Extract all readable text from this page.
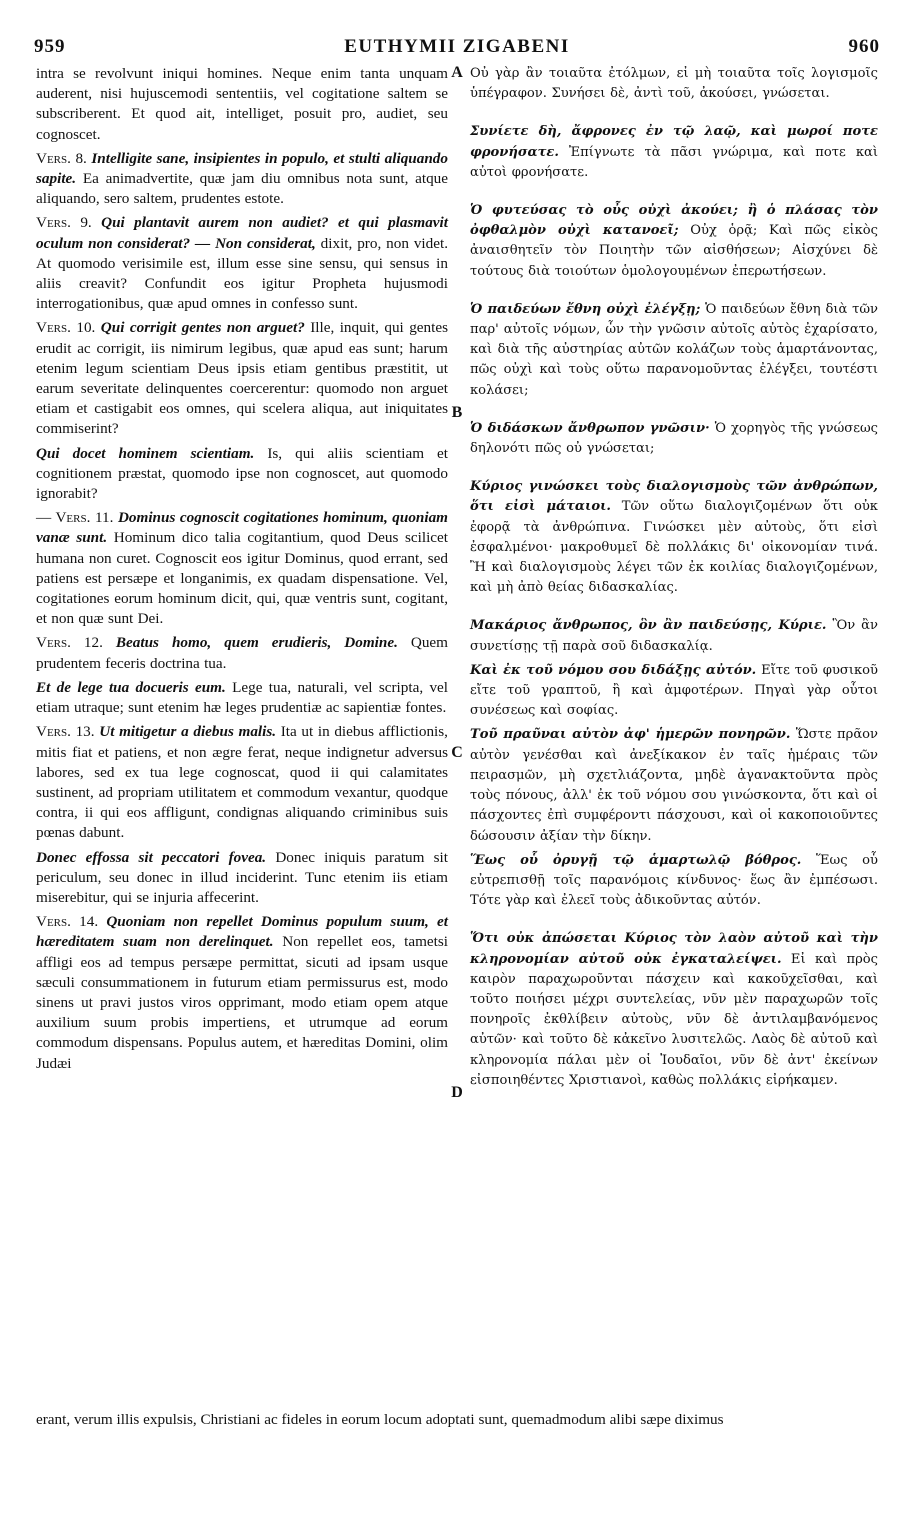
959	EUTHYMII ZIGABENI	960
A
B
C
D

intra se revolvunt iniqui homines. Neque enim tanta unquam auderent, nisi hujuscemodi sententiis, vel cogitatione saltem se subscriberent. Et quod ait, intelliget, posuit pro, audiet, seu cognoscet.

Vers. 8. Intelligite sane, insipientes in populo, et stulti aliquando sapite. Ea animadvertite, quæ jam diu omnibus nota sunt, atque aliquando, sero saltem, prudentes estote.

Vers. 9. Qui plantavit aurem non audiet? et qui plasmavit oculum non considerat? — Non considerat, dixit, pro, non videt. At quomodo verisimile est, illum esse sine sensu, qui sensus in aliis creavit? Confundit eos igitur Propheta hujusmodi interrogationibus, quæ apud omnes in confesso sunt.

Vers. 10. Qui corrigit gentes non arguet? Ille, inquit, qui gentes erudit ac corrigit, iis nimirum legibus, quæ apud eas sunt; harum etenim legum scientiam Deus ipsis etiam gentibus præstitit, ut earum severitate delinquentes coercerentur: quomodo non arguet etiam et castigabit eos omnes, qui scelera aliqua, aut iniquitates commiserint?

Qui docet hominem scientiam. Is, qui aliis scientiam et cognitionem præstat, quomodo ipse non cognoscet, aut quomodo ignorabit?

— Vers. 11. Dominus cognoscit cogitationes hominum, quoniam vanæ sunt. Hominum dico talia cogitantium, quod Deus scilicet humana non curet. Cognoscit eos igitur Dominus, quod errant, sed patiens est persæpe et longanimis, ex quadam dispensatione. Vel, cogitationes eorum hominum dicit, qui, quæ ventris sunt, cogitant, et non quæ sunt Dei.

Vers. 12. Beatus homo, quem erudieris, Domine. Quem prudentem feceris doctrina tua.

Et de lege tua docueris eum. Lege tua, naturali, vel scripta, vel etiam utraque; sunt etenim hæ leges prudentiæ ac sapientiæ fontes.

Vers. 13. Ut mitigetur a diebus malis. Ita ut in diebus afflictionis, mitis fiat et patiens, et non ægre ferat, neque indignetur adversus labores, sed ex tua lege cognoscat, quod ii qui calamitates sustinent, ad propriam utilitatem et commodum vexantur, quodque contra, ii qui eos affligunt, condignas aliquando criminibus suis pœnas dabunt.

Donec effossa sit peccatori fovea. Donec iniquis paratum sit periculum, seu donec in illud inciderint. Tunc etenim iis etiam miserebitur, qui se injuria affecerint.

Vers. 14. Quoniam non repellet Dominus populum suum, et hæreditatem suam non derelinquet. Non repellet eos, tametsi affligi eos ad tempus persæpe permittat, sicuti ad ipsam usque sæculi consummationem in futurum etiam permissurus est, modo sinens ut pravi justos viros opprimant, modo etiam opem atque auxilium suum probis impertiens, et utrumque ad eorum commodum dispensans. Populus autem, et hæreditas Domini, olim Judæi

Οὐ γὰρ ἂν τοιαῦτα ἐτόλμων, εἰ μὴ τοιαῦτα τοῖς λογισμοῖς ὑπέγραφον. Συνήσει δὲ, ἀντὶ τοῦ, ἀκούσει, γνώσεται.

Συνίετε δὴ, ἄφρονες ἐν τῷ λαῷ, καὶ μωροί ποτε φρονήσατε. Ἐπίγνωτε τὰ πᾶσι γνώριμα, καὶ ποτε καὶ αὐτοὶ φρονήσατε.

Ὁ φυτεύσας τὸ οὖς οὐχὶ ἀκούει; ἢ ὁ πλάσας τὸν ὀφθαλμὸν οὐχὶ κατανοεῖ; Οὐχ ὁρᾷ; Καὶ πῶς εἰκὸς ἀναισθητεῖν τὸν Ποιητὴν τῶν αἰσθήσεων; Αἰσχύνει δὲ τούτους διὰ τοιούτων ὁμολογουμένων ἐπερωτήσεων.

Ὁ παιδεύων ἔθνη οὐχὶ ἐλέγξῃ; Ὁ παιδεύων ἔθνη διὰ τῶν παρ' αὐτοῖς νόμων, ὧν τὴν γνῶσιν αὐτοῖς αὐτὸς ἐχαρίσατο, καὶ διὰ τῆς αὐστηρίας αὐτῶν κολάζων τοὺς ἁμαρτάνοντας, πῶς οὐχὶ καὶ τοὺς οὕτω παρανομοῦντας ἐλέγξει, τουτέστι κολάσει;

Ὁ διδάσκων ἄνθρωπον γνῶσιν· Ὁ χορηγὸς τῆς γνώσεως δηλονότι πῶς οὐ γνώσεται;

Κύριος γινώσκει τοὺς διαλογισμοὺς τῶν ἀνθρώπων, ὅτι εἰσὶ μάταιοι. Τῶν οὕτω διαλογιζομένων ὅτι οὐκ ἐφορᾷ τὰ ἀνθρώπινα. Γινώσκει μὲν αὐτοὺς, ὅτι εἰσὶ ἐσφαλμένοι· μακροθυμεῖ δὲ πολλάκις δι' οἰκονομίαν τινά. Ἢ καὶ διαλογισμοὺς λέγει τῶν ἐκ κοιλίας διαλογιζομένων, καὶ μὴ ἀπὸ θείας διδασκαλίας.

Μακάριος ἄνθρωπος, ὃν ἂν παιδεύσῃς, Κύριε. Ὃν ἂν συνετίσῃς τῇ παρὰ σοῦ διδασκαλίᾳ.

Καὶ ἐκ τοῦ νόμου σου διδάξῃς αὐτόν. Εἴτε τοῦ φυσικοῦ εἴτε τοῦ γραπτοῦ, ἢ καὶ ἀμφοτέρων. Πηγαὶ γὰρ οὗτοι συνέσεως καὶ σοφίας.

Τοῦ πραῦναι αὐτὸν ἀφ' ἡμερῶν πονηρῶν. Ὥστε πρᾶον αὐτὸν γενέσθαι καὶ ἀνεξίκακον ἐν ταῖς ἡμέραις τῶν πειρασμῶν, μὴ σχετλιάζοντα, μηδὲ ἀγανακτοῦντα πρὸς τοὺς πόνους, ἀλλ' ἐκ τοῦ νόμου σου γινώσκοντα, ὅτι καὶ οἱ πάσχοντες ἐπὶ συμφέροντι πάσχουσι, καὶ οἱ κακοποιοῦντες δώσουσιν ἀξίαν τὴν δίκην.

Ἕως οὗ ὀρυγῇ τῷ ἁμαρτωλῷ βόθρος. Ἕως οὗ εὐτρεπισθῇ τοῖς παρανόμοις κίνδυνος· ἕως ἂν ἐμπέσωσι. Τότε γὰρ καὶ ἐλεεῖ τοὺς ἀδικοῦντας αὐτόν.

Ὅτι οὐκ ἀπώσεται Κύριος τὸν λαὸν αὐτοῦ καὶ τὴν κληρονομίαν αὐτοῦ οὐκ ἐγκαταλείψει. Εἰ καὶ πρὸς καιρὸν παραχωροῦνται πάσχειν καὶ κακοῦχεῖσθαι, καὶ τοῦτο ποιήσει μέχρι συντελείας, νῦν μὲν παραχωρῶν τοῖς πονηροῖς ἐκθλίβειν αὐτοὺς, νῦν δὲ ἀντιλαμβανόμενος αὐτῶν· καὶ τοῦτο δὲ κἀκεῖνο λυσιτελῶς. Λαὸς δὲ αὐτοῦ καὶ κληρονομία πάλαι μὲν οἱ Ἰουδαῖοι, νῦν δὲ ἀντ' ἐκείνων εἰσποιηθέντες Χριστιανοὶ, καθὼς πολλάκις εἰρήκαμεν.

erant, verum illis expulsis, Christiani ac fideles in eorum locum adoptati sunt, quemadmodum alibi sæpe diximus
